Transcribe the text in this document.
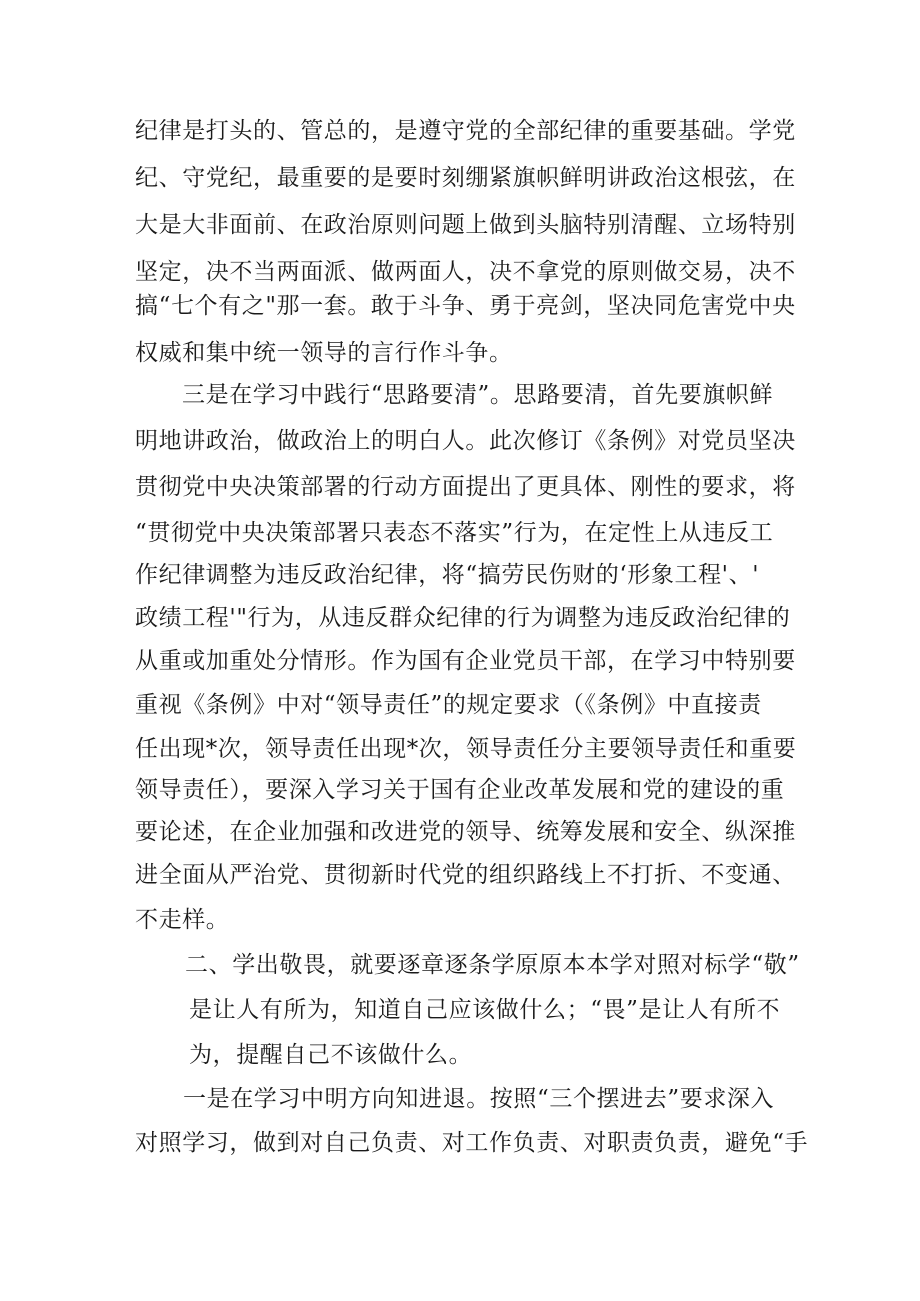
纪律是打头的、管总的，是遵守党的全部纪律的重要基础。学党
纪、守党纪，最重要的是要时刻绷紧旗帜鲜明讲政治这根弦，在
大是大非面前、在政治原则问题上做到头脑特别清醒、立场特别
坚定，决不当两面派、做两面人，决不拿党的原则做交易，决不
搞“七个有之"那一套。敢于斗争、勇于亮剑，坚决同危害党中央
权威和集中统一领导的言行作斗争。
三是在学习中践行“思路要清”。思路要清，首先要旗帜鲜
明地讲政治，做政治上的明白人。此次修订《条例》对党员坚决
贯彻党中央决策部署的行动方面提出了更具体、刚性的要求，将
“贯彻党中央决策部署只表态不落实”行为，在定性上从违反工
作纪律调整为违反政治纪律，将“搞劳民伤财的‘形象工程'、'
政绩工程'"行为，从违反群众纪律的行为调整为违反政治纪律的
从重或加重处分情形。作为国有企业党员干部，在学习中特别要
重视《条例》中对“领导责任”的规定要求（《条例》中直接责
任出现*次，领导责任出现*次，领导责任分主要领导责任和重要
领导责任），要深入学习关于国有企业改革发展和党的建设的重
要论述，在企业加强和改进党的领导、统筹发展和安全、纵深推
进全面从严治党、贯彻新时代党的组织路线上不打折、不变通、
不走样。
二、学出敬畏，就要逐章逐条学原原本本学对照对标学“敬”
是让人有所为，知道自己应该做什么；“畏”是让人有所不
为，提醒自己不该做什么。
一是在学习中明方向知进退。按照“三个摆进去”要求深入
对照学习，做到对自己负责、对工作负责、对职责负责，避免“手
